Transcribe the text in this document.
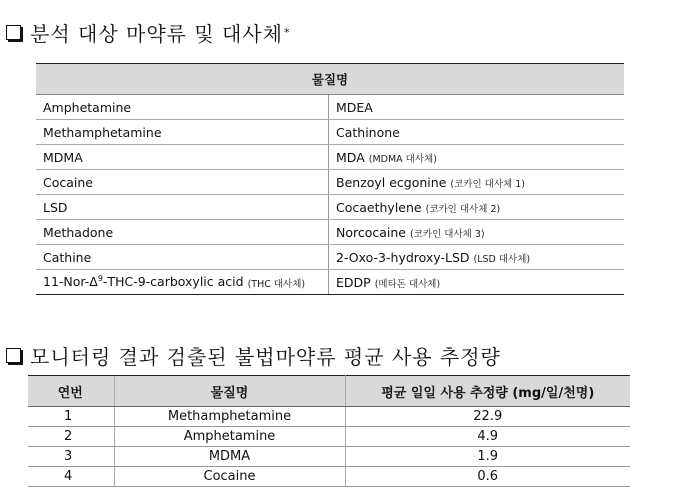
분석 대상 마약류 및 대사체 *
물질명	
Amphetamine	MDEA
Methamphetamine	Cathinone
MDMA	MDA (MDMA 대사체)
Cocaine	Benzoyl ecgonine (코카인 대사체 1)
LSD	Cocaethylene (코카인 대사체 2)
Methadone	Norcocaine (코카인 대사체 3)
Cathine	2-Oxo-3-hydroxy-LSD (LSD 대사체)
$11-Nor-\Delta^9-THC-9$-carboxylic acid (THC 대사체)	EDDP (메타돈 대사체)
모니터링 결과 검출된 불법마약류 평균 사용 추정량
연번	물질명	평균 일일 사용 추정량 (mg/일/천명)
1	Methamphetamine	22.9
2	Amphetamine	4.9
3	MDMA	1.9
4	Cocaine	0.6
